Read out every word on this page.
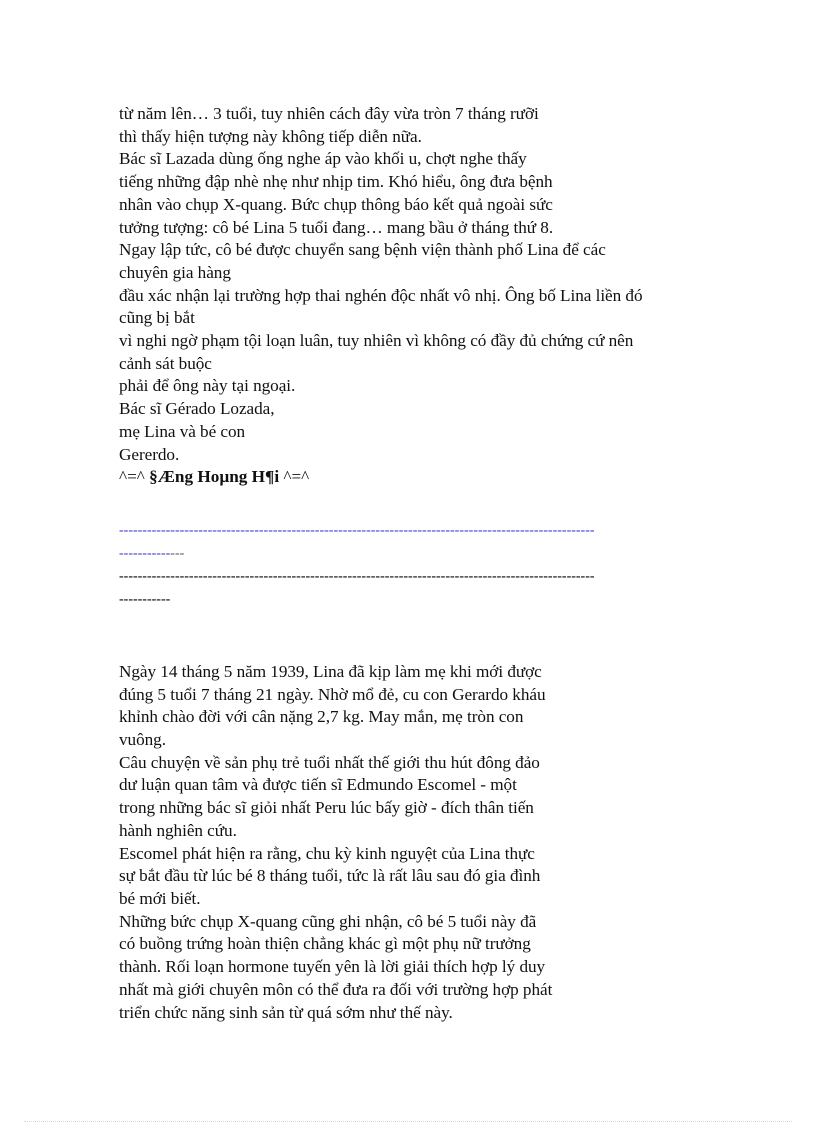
từ năm lên… 3 tuổi, tuy nhiên cách đây vừa tròn 7 tháng rưỡi
thì thấy hiện tượng này không tiếp diễn nữa.
Bác sĩ Lazada dùng ống nghe áp vào khối u, chợt nghe thấy
tiếng những đập nhè nhẹ như nhịp tim. Khó hiểu, ông đưa bệnh
nhân vào chụp X-quang. Bức chụp thông báo kết quả ngoài sức
tưởng tượng: cô bé Lina 5 tuổi đang… mang bầu ở tháng thứ 8.
Ngay lập tức, cô bé được chuyển sang bệnh viện thành phố Lina để các
chuyên gia hàng
đầu xác nhận lại trường hợp thai nghén độc nhất vô nhị. Ông bố Lina liền đó
cũng bị bắt
vì nghi ngờ phạm tội loạn luân, tuy nhiên vì không có đầy đủ chứng cứ nên
cảnh sát buộc
phải để ông này tại ngoại.
Bác sĩ Gérado Lozada,
mẹ Lina và bé con
Gererdo.
^=^ §Æng Hoµng H¶i ^=^
------------------------------------------------------------------------------------------------------
--------------
------------------------------------------------------------------------------------------------------
-----------
Ngày 14 tháng 5 năm 1939, Lina đã kịp làm mẹ khi mới được
đúng 5 tuổi 7 tháng 21 ngày. Nhờ mổ đẻ, cu con Gerardo kháu
khỉnh chào đời với cân nặng 2,7 kg. May mắn, mẹ tròn con
vuông.
Câu chuyện về sản phụ trẻ tuổi nhất thế giới thu hút đông đảo
dư luận quan tâm và được tiến sĩ Edmundo Escomel - một
trong những bác sĩ giỏi nhất Peru lúc bấy giờ - đích thân tiến
hành nghiên cứu.
Escomel phát hiện ra rằng, chu kỳ kinh nguyệt của Lina thực
sự bắt đầu từ lúc bé 8 tháng tuổi, tức là rất lâu sau đó gia đình
bé mới biết.
Những bức chụp X-quang cũng ghi nhận, cô bé 5 tuổi này đã
có buồng trứng hoàn thiện chẳng khác gì một phụ nữ trưởng
thành. Rối loạn hormone tuyến yên là lời giải thích hợp lý duy
nhất mà giới chuyên môn có thể đưa ra đối với trường hợp phát
triển chức năng sinh sản từ quá sớm như thế này.
